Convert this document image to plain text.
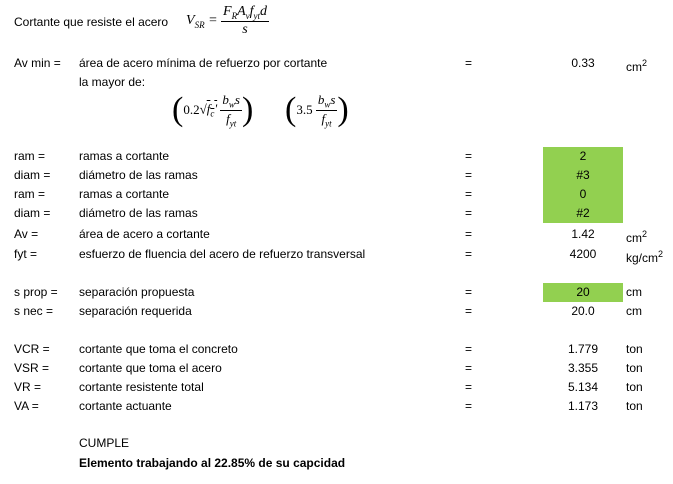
Cortante que resiste el acero $V_{SR} = \frac{F_RA_vf_{yt}d}{s}$
Av min = área de acero mínima de refuerzo por cortante	=	0.33	$cm^2$
la mayor de:
($0.2√f_c' \frac{b_ws}{f_{yt}}$ ) ($3.5 \frac{b_ws}{f_{yt}}$ )
ram =	ramas a cortante	=	2
diam = diámetro de las ramas	=	#3
ram =	ramas a cortante	=	0
diam = diámetro de las ramas	=	#2
Av =	área de acero a cortante	=	1.42	$cm^2$
fyt =	esfuerzo de fluencia del acero de refuerzo transversal	=	4200	$kg/cm^2$
s prop = separación propuesta	=	20	cm
s nec = separación requerida	=	20.0	cm
VCR = cortante que toma el concreto	=	1.779	ton
VSR = cortante que toma el acero	=	3.355	ton
VR =	cortante resistente total	=	5.134	ton
VA =	cortante actuante	=	1.173	ton
CUMPLE
Elemento trabajando al 22.85% de su capcidad
